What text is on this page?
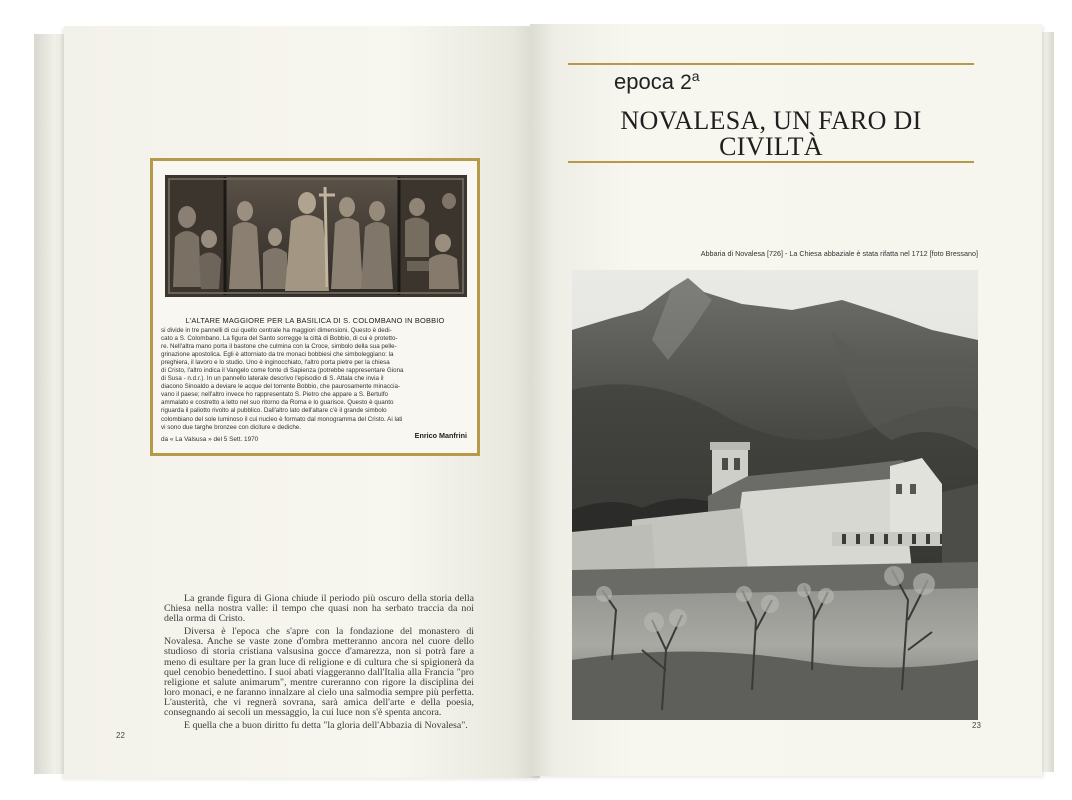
L'ALTARE MAGGIORE PER LA BASILICA DI S. COLOMBANO IN BOBBIO
si divide in tre pannelli di cui quello centrale ha maggiori dimensioni. Questo è dedi-
cato a S. Colombano. La figura del Santo sorregge la città di Bobbio, di cui è protetto-
re. Nell'altra mano porta il bastone che culmina con la Croce, simbolo della sua pelle-
grinazione apostolica. Egli è attorniato da tre monaci bobbiesi che simboleggiano: la
preghiera, il lavoro e lo studio. Uno è inginocchiato, l'altro porta pietre per la chiesa
di Cristo, l'altro indica il Vangelo come fonte di Sapienza (potrebbe rappresentare Giona
di Susa - n.d.r.). In un pannello laterale descrivo l'episodio di S. Attala che invia il
diacono Sinoaldo a deviare le acque del torrente Bobbio, che paurosamente minaccia-
vano il paese; nell'altro invece ho rappresentato S. Pietro che appare a S. Bertulfo
ammalato e costretto a letto nel suo ritorno da Roma e lo guarisce. Questo è quanto
riguarda il paliotto rivolto al pubblico. Dall'altro lato dell'altare c'è il grande simbolo
colombiano del sole luminoso il cui nucleo è formato dal monogramma del Cristo. Ai lati
vi sono due targhe bronzee con diciture e dediche.
Enrico Manfrini
da « La Valsusa » del 5 Sett. 1970

La grande figura di Giona chiude il periodo più oscuro della storia della Chiesa nella nostra valle: il tempo che quasi non ha serbato traccia da noi della orma di Cristo.

Diversa è l'epoca che s'apre con la fondazione del monastero di Novalesa. Anche se vaste zone d'ombra metteranno ancora nel cuore dello studioso di storia cristiana valsusina gocce d'amarezza, non si potrà fare a meno di esultare per la gran luce di religione e di cultura che si spigionerà da quel cenobio benedettino. I suoi abati viaggeranno dall'Italia alla Francia "pro religione et salute animarum", mentre cureranno con rigore la disciplina dei loro monaci, e ne faranno innalzare al cielo una salmodia sempre più perfetta. L'austerità, che vi regnerà sovrana, sarà amica dell'arte e della poesia, consegnando ai secoli un messaggio, la cui luce non s'è spenta ancora.

E quella che a buon diritto fu detta "la gloria dell'Abbazia di Novalesa".

22
epoca 2$^a$
NOVALESA, UN FARO DI
CIVILTÀ
Abbaria di Novalesa [726] - La Chiesa abbaziale è stata rifatta nel 1712 [foto Bressano]
23
